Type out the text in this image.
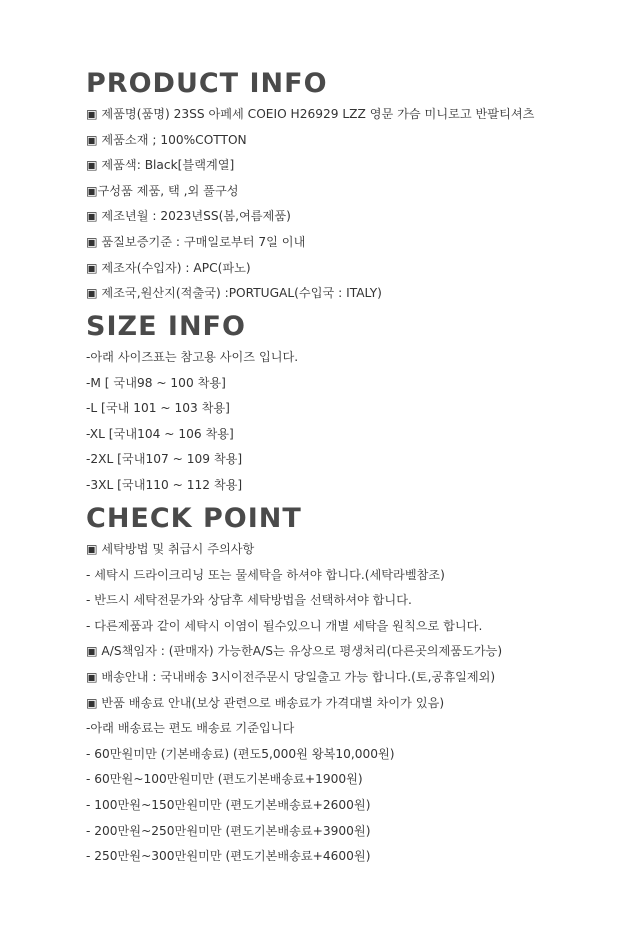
PRODUCT INFO
▣ 제품명(품명) 23SS 아페세 COEIO H26929 LZZ 영문 가슴 미니로고 반팔티셔츠
▣ 제품소재 ; 100%COTTON
▣ 제품색: Black[블랙계열]
▣구성품 제품, 택 ,외 풀구성
▣ 제조년월 : 2023년SS(봄,여름제품)
▣ 품질보증기준 : 구매일로부터 7일 이내
▣ 제조자(수입자) : APC(파노)
▣ 제조국,원산지(적출국) :PORTUGAL(수입국 : ITALY)
SIZE INFO
-아래 사이즈표는 참고용 사이즈 입니다.
-M [ 국내98 ~ 100 착용]
-L [국내 101 ~ 103 착용]
-XL [국내104 ~ 106 착용]
-2XL [국내107 ~ 109 착용]
-3XL [국내110 ~ 112 착용]
CHECK POINT
▣ 세탁방법 및 취급시 주의사항
- 세탁시 드라이크리닝 또는 물세탁을 하셔야 합니다.(세탁라벨참조)
- 반드시 세탁전문가와 상담후 세탁방법을 선택하셔야 합니다.
- 다른제품과 같이 세탁시 이염이 될수있으니 개별 세탁을 원칙으로 합니다.
▣ A/S책임자 : (판매자) 가능한A/S는 유상으로 평생처리(다른곳의제품도가능)
▣ 배송안내 : 국내배송 3시이전주문시 당일출고 가능 합니다.(토,공휴일제외)
▣ 반품 배송료 안내(보상 관련으로 배송료가 가격대별 차이가 있음)
-아래 배송료는 편도 배송료 기준입니다
- 60만원미만 (기본배송료) (편도5,000원 왕복10,000원)
- 60만원~100만원미만 (편도기본배송료+1900원)
- 100만원~150만원미만 (편도기본배송료+2600원)
- 200만원~250만원미만 (편도기본배송료+3900원)
- 250만원~300만원미만 (편도기본배송료+4600원)
